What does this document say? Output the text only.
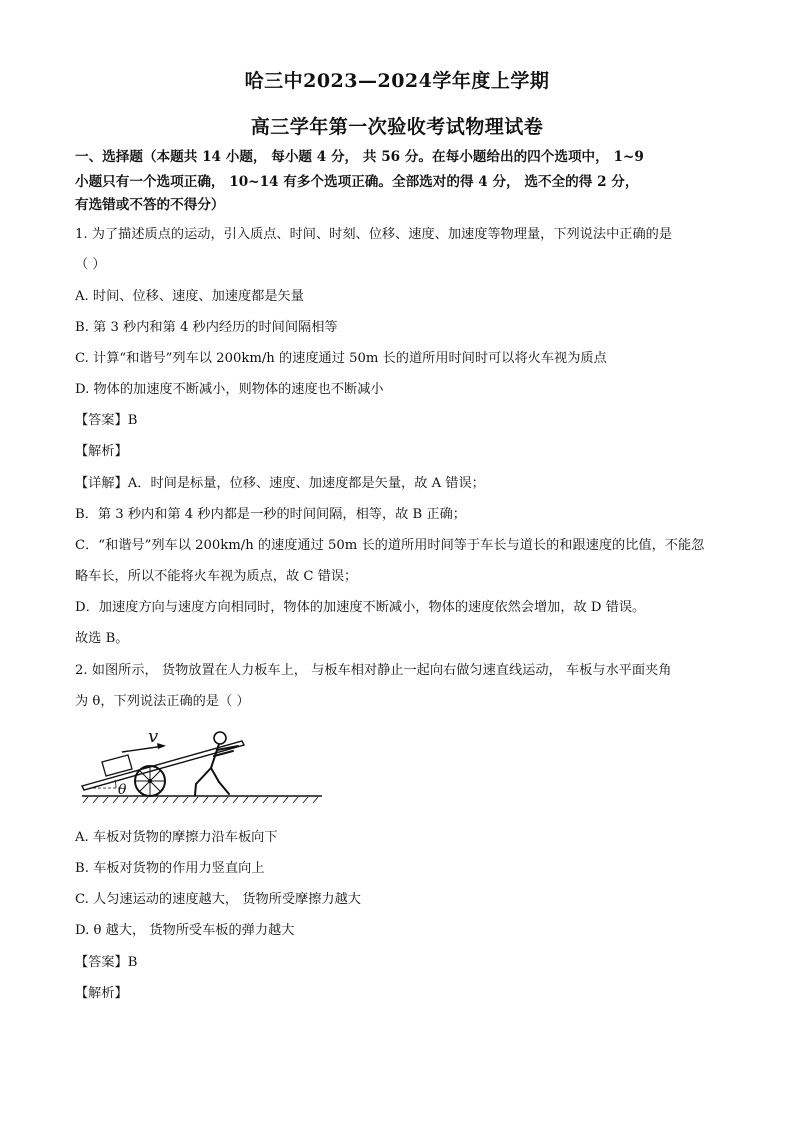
哈三中2023—2024学年度上学期
高三学年第一次验收考试物理试卷
一、选择题（本题共 14 小题， 每小题 4 分， 共 56 分。在每小题给出的四个选项中， 1~9
小题只有一个选项正确， 10~14 有多个选项正确。全部选对的得 4 分， 选不全的得 2 分，
有选错或不答的不得分）
1. 为了描述质点的运动，引入质点、时间、时刻、位移、速度、加速度等物理量，下列说法中正确的是
（ ）
A. 时间、位移、速度、加速度都是矢量
B. 第 3 秒内和第 4 秒内经历的时间间隔相等
C. 计算“和谐号”列车以 200km/h 的速度通过 50m 长的道所用时间时可以将火车视为质点
D. 物体的加速度不断减小，则物体的速度也不断减小
【答案】B
【解析】
【详解】A．时间是标量，位移、速度、加速度都是矢量，故 A 错误；
B．第 3 秒内和第 4 秒内都是一秒的时间间隔，相等，故 B 正确；
C．“和谐号”列车以 200km/h 的速度通过 50m 长的道所用时间等于车长与道长的和跟速度的比值，不能忽
略车长，所以不能将火车视为质点，故 C 错误；
D．加速度方向与速度方向相同时，物体的加速度不断减小，物体的速度依然会增加，故 D 错误。
故选 B。
2. 如图所示， 货物放置在人力板车上， 与板车相对静止一起向右做匀速直线运动， 车板与水平面夹角
为 θ，下列说法正确的是（ ）
θ
v
A. 车板对货物的摩擦力沿车板向下
B. 车板对货物的作用力竖直向上
C. 人匀速运动的速度越大， 货物所受摩擦力越大
D. θ 越大， 货物所受车板的弹力越大
【答案】B
【解析】
